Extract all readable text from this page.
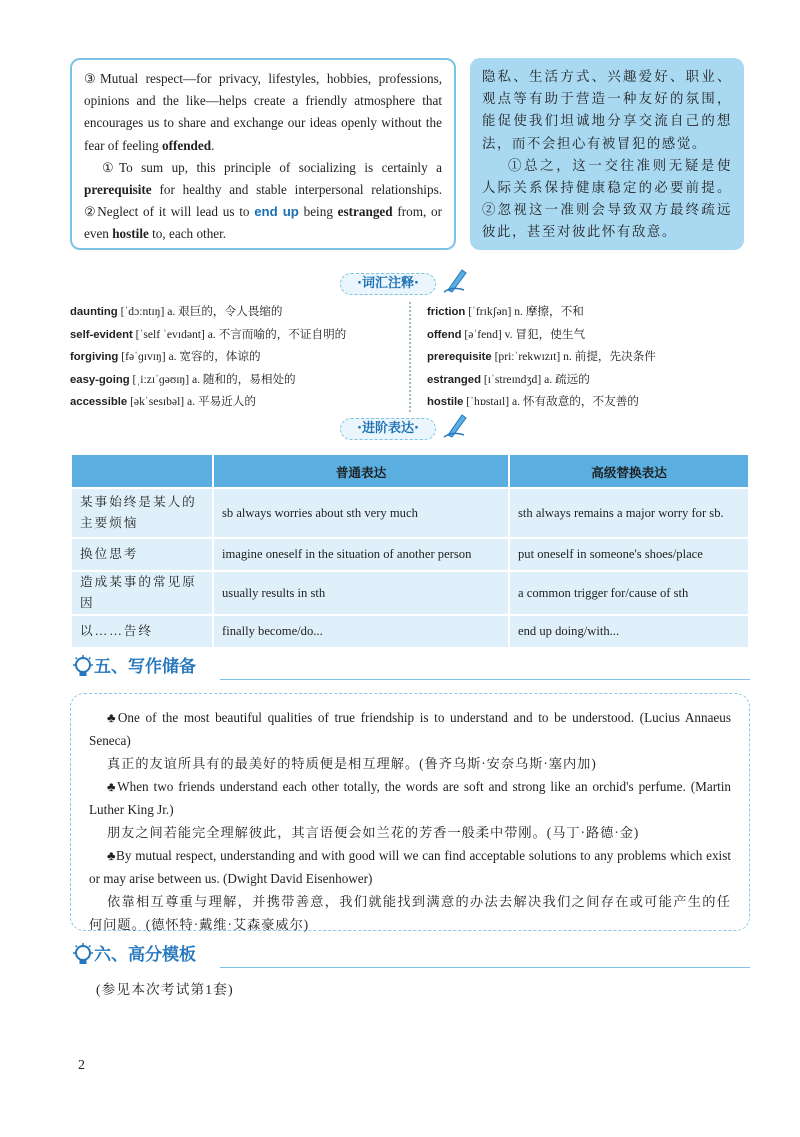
③Mutual respect—for privacy, lifestyles, hobbies, professions, opinions and the like—helps create a friendly atmosphere that encourages us to share and exchange our ideas openly without the fear of feeling offended.

①To sum up, this principle of socializing is certainly a prerequisite for healthy and stable interpersonal relationships. ②Neglect of it will lead us to end up being estranged from, or even hostile to, each other.

隐私、生活方式、兴趣爱好、职业、观点等有助于营造一种友好的氛围，能促使我们坦诚地分享交流自己的想法，而不会担心有被冒犯的感觉。

①总之，这一交往准则无疑是使人际关系保持健康稳定的必要前提。②忽视这一准则会导致双方最终疏远彼此，甚至对彼此怀有敌意。

·词汇注释·
daunting [ˈdɔːntɪŋ] a. 艰巨的，令人畏缩的
self-evident [ˈself ˈevɪdənt] a. 不言而喻的，不证自明的
forgiving [fəˈɡɪvɪŋ] a. 宽容的，体谅的
easy-going [ˌiːzɪˈɡəʊɪŋ] a. 随和的，易相处的
accessible [əkˈsesɪbəl] a. 平易近人的
friction [ˈfrɪkʃən] n. 摩擦，不和
offend [əˈfend] v. 冒犯，使生气
prerequisite [priːˈrekwɪzɪt] n. 前提，先决条件
estranged [ɪˈstreɪndʒd] a. 疏远的
hostile [ˈhɒstaɪl] a. 怀有敌意的，不友善的
·进阶表达·
	普通表达	高级替换表达
某事始终是某人的主要烦恼	sb always worries about sth very much	sth always remains a major worry for sb.
换位思考	imagine oneself in the situation of another person	put oneself in someone's shoes/place
造成某事的常见原因	usually results in sth	a common trigger for/cause of sth
以……告终	finally become/do...	end up doing/with...
五、写作储备

♣One of the most beautiful qualities of true friendship is to understand and to be understood. (Lucius Annaeus Seneca)

真正的友谊所具有的最美好的特质便是相互理解。(鲁齐乌斯·安奈乌斯·塞内加)

♣When two friends understand each other totally, the words are soft and strong like an orchid's perfume. (Martin Luther King Jr.)

朋友之间若能完全理解彼此，其言语便会如兰花的芳香一般柔中带刚。(马丁·路德·金)

♣By mutual respect, understanding and with good will we can find acceptable solutions to any problems which exist or may arise between us. (Dwight David Eisenhower)

依靠相互尊重与理解，并携带善意，我们就能找到满意的办法去解决我们之间存在或可能产生的任何问题。(德怀特·戴维·艾森豪威尔)

六、高分模板
(参见本次考试第1套)
2
